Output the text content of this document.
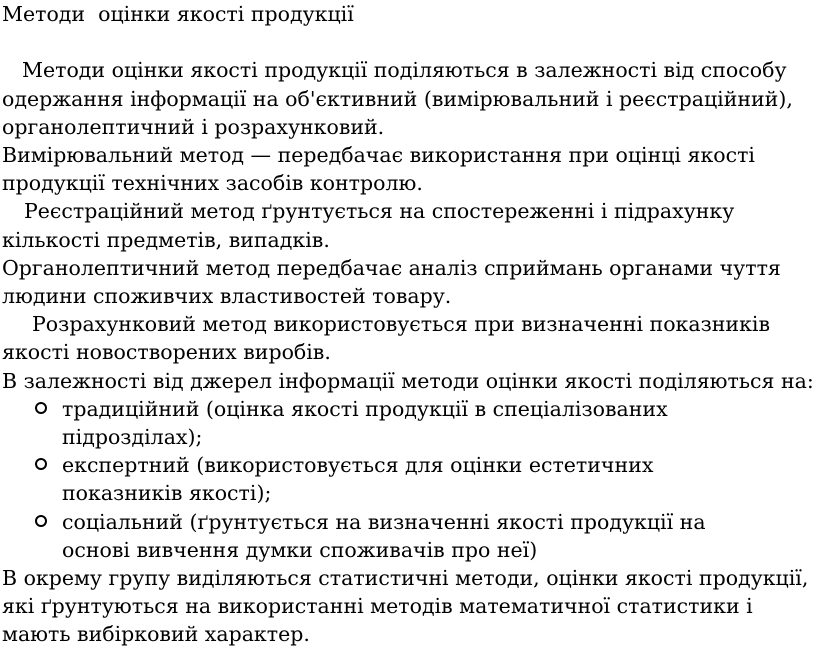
Методи  оцінки якості продукції

Методи оцінки якості продукції поділяються в залежності від способу одержання інформації на об'єктивний (вимірювальний і реєстраційний), органолептичний і розрахунковий.

Вимірювальний метод — передбачає використання при оцінці якості продукції технічних засобів контролю.

Реєстраційний метод ґрунтується на спостереженні і підрахунку кількості предметів, випадків.

Органолептичний метод передбачає аналіз сприймань органами чуття людини споживчих властивостей товару.

Розрахунковий метод використовується при визначенні показників якості новостворених виробів.

В залежності від джерел інформації методи оцінки якості поділяються на:

традиційний (оцінка якості продукції в спеціалізованих підрозділах);
експертний (використовується для оцінки естетичних показників якості);
соціальний (ґрунтується на визначенні якості продукції на основі вивчення думки споживачів про неї)

В окрему групу виділяються статистичні методи, оцінки якості продукції, які ґрунтуються на використанні методів математичної статистики і мають вибірковий характер.
